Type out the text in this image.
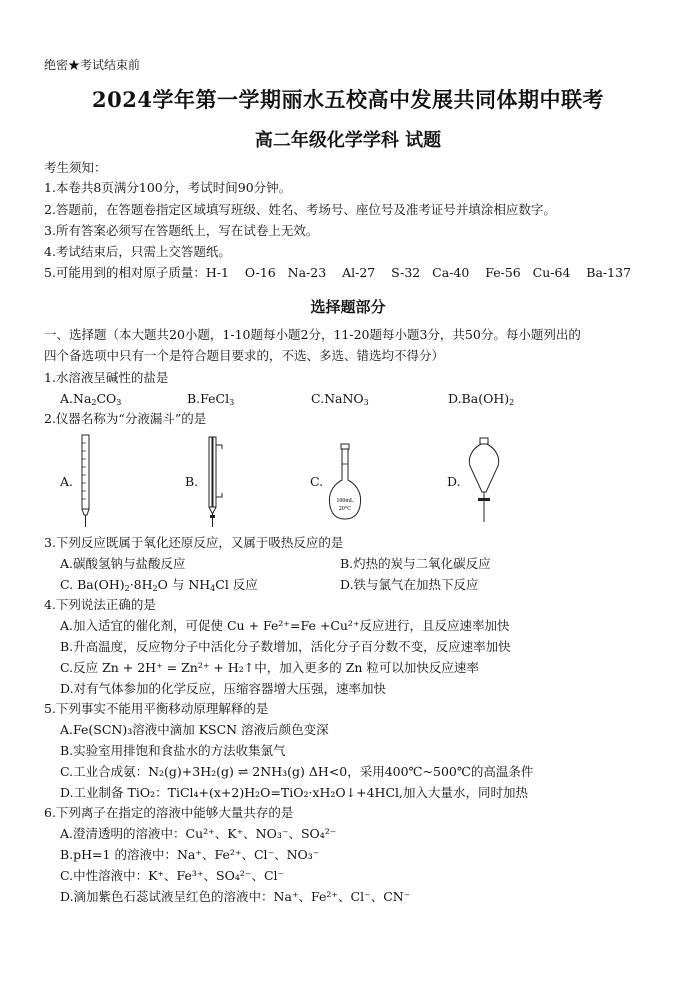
绝密★考试结束前
2024学年第一学期丽水五校高中发展共同体期中联考
高二年级化学学科 试题
考生须知：
1.本卷共8页满分100分，考试时间90分钟。
2.答题前，在答题卷指定区域填写班级、姓名、考场号、座位号及准考证号并填涂相应数字。
3.所有答案必须写在答题纸上，写在试卷上无效。
4.考试结束后，只需上交答题纸。
5.可能用到的相对原子质量：H-1    O-16   Na-23    Al-27    S-32   Ca-40    Fe-56   Cu-64    Ba-137
选择题部分
一、选择题（本大题共20小题，1-10题每小题2分，11-20题每小题3分，共50分。每小题列出的
四个备选项中只有一个是符合题目要求的，不选、多选、错选均不得分）
1.水溶液呈碱性的盐是
$A.Na_2CO_3$	B.FeCl$_3$	C.NaNO$_3$	$D.Ba(OH)_2$
2.仪器名称为“分液漏斗”的是
A.	B.	C.	D.
100mL
20°C
3.下列反应既属于氧化还原反应，又属于吸热反应的是
A.碳酸氢钠与盐酸反应	B.灼热的炭与二氧化碳反应
C. $Ba(OH)_2\cdot 8H_2O$ 与 $NH_4Cl$ 反应	D.铁与氯气在加热下反应
4.下列说法正确的是
A.加入适宜的催化剂，可促使 Cu + Fe²⁺=Fe +Cu²⁺反应进行，且反应速率加快
B.升高温度，反应物分子中活化分子数增加，活化分子百分数不变，反应速率加快
C.反应 Zn + 2H⁺ = Zn²⁺ + H₂↑中，加入更多的 Zn 粒可以加快反应速率
D.对有气体参加的化学反应，压缩容器增大压强，速率加快
5.下列事实不能用平衡移动原理解释的是
A.Fe(SCN)₃溶液中滴加 KSCN 溶液后颜色变深
B.实验室用排饱和食盐水的方法收集氯气
C.工业合成氨：N₂(g)+3H₂(g) ⇌ 2NH₃(g) ΔH<0，采用400℃~500℃的高温条件
D.工业制备 TiO₂：TiCl₄+(x+2)H₂O=TiO₂·xH₂O↓+4HCl,加入大量水，同时加热
6.下列离子在指定的溶液中能够大量共存的是
A.澄清透明的溶液中：Cu²⁺、K⁺、NO₃⁻、SO₄²⁻
B.pH=1 的溶液中：Na⁺、Fe²⁺、Cl⁻、NO₃⁻
C.中性溶液中：K⁺、Fe³⁺、SO₄²⁻、Cl⁻
D.滴加紫色石蕊试液呈红色的溶液中：Na⁺、Fe²⁺、Cl⁻、CN⁻
